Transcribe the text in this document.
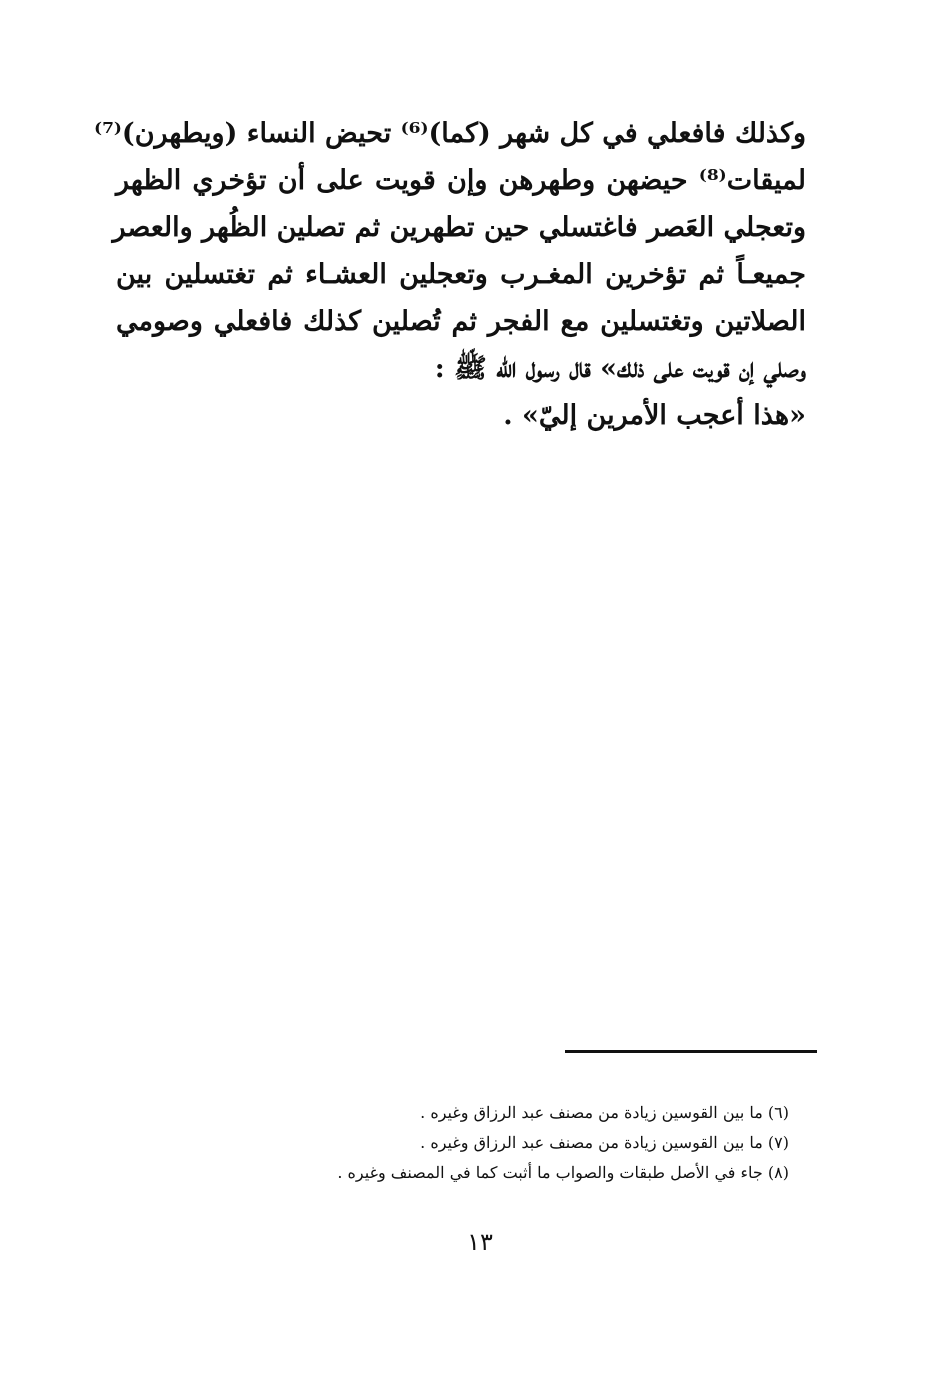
وكذلك فافعلي في كل شهر (كما)⁽⁶⁾ تحيض النساء (ويطهرن)⁽⁷⁾
لميقات⁽⁸⁾ حيضهن وطهرهن وإن قويت على أن تؤخري الظهر
وتعجلي العَصر فاغتسلي حين تطهرين ثم تصلين الظُهر والعصر
جميعـاً ثم تؤخرين المغـرب وتعجلين العشـاء ثم تغتسلين بين
الصلاتين وتغتسلين مع الفجر ثم تُصلين كذلك فافعلي وصومي
وصلي إن قويت على ذلك» قال رسول الله ﷺ :
«هذا أعجب الأمرين إليّ» .
(٦) ما بين القوسين زيادة من مصنف عبد الرزاق وغيره .
(٧) ما بين القوسين زيادة من مصنف عبد الرزاق وغيره .
(٨) جاء في الأصل طبقات والصواب ما أثبت كما في المصنف وغيره .
١٣
